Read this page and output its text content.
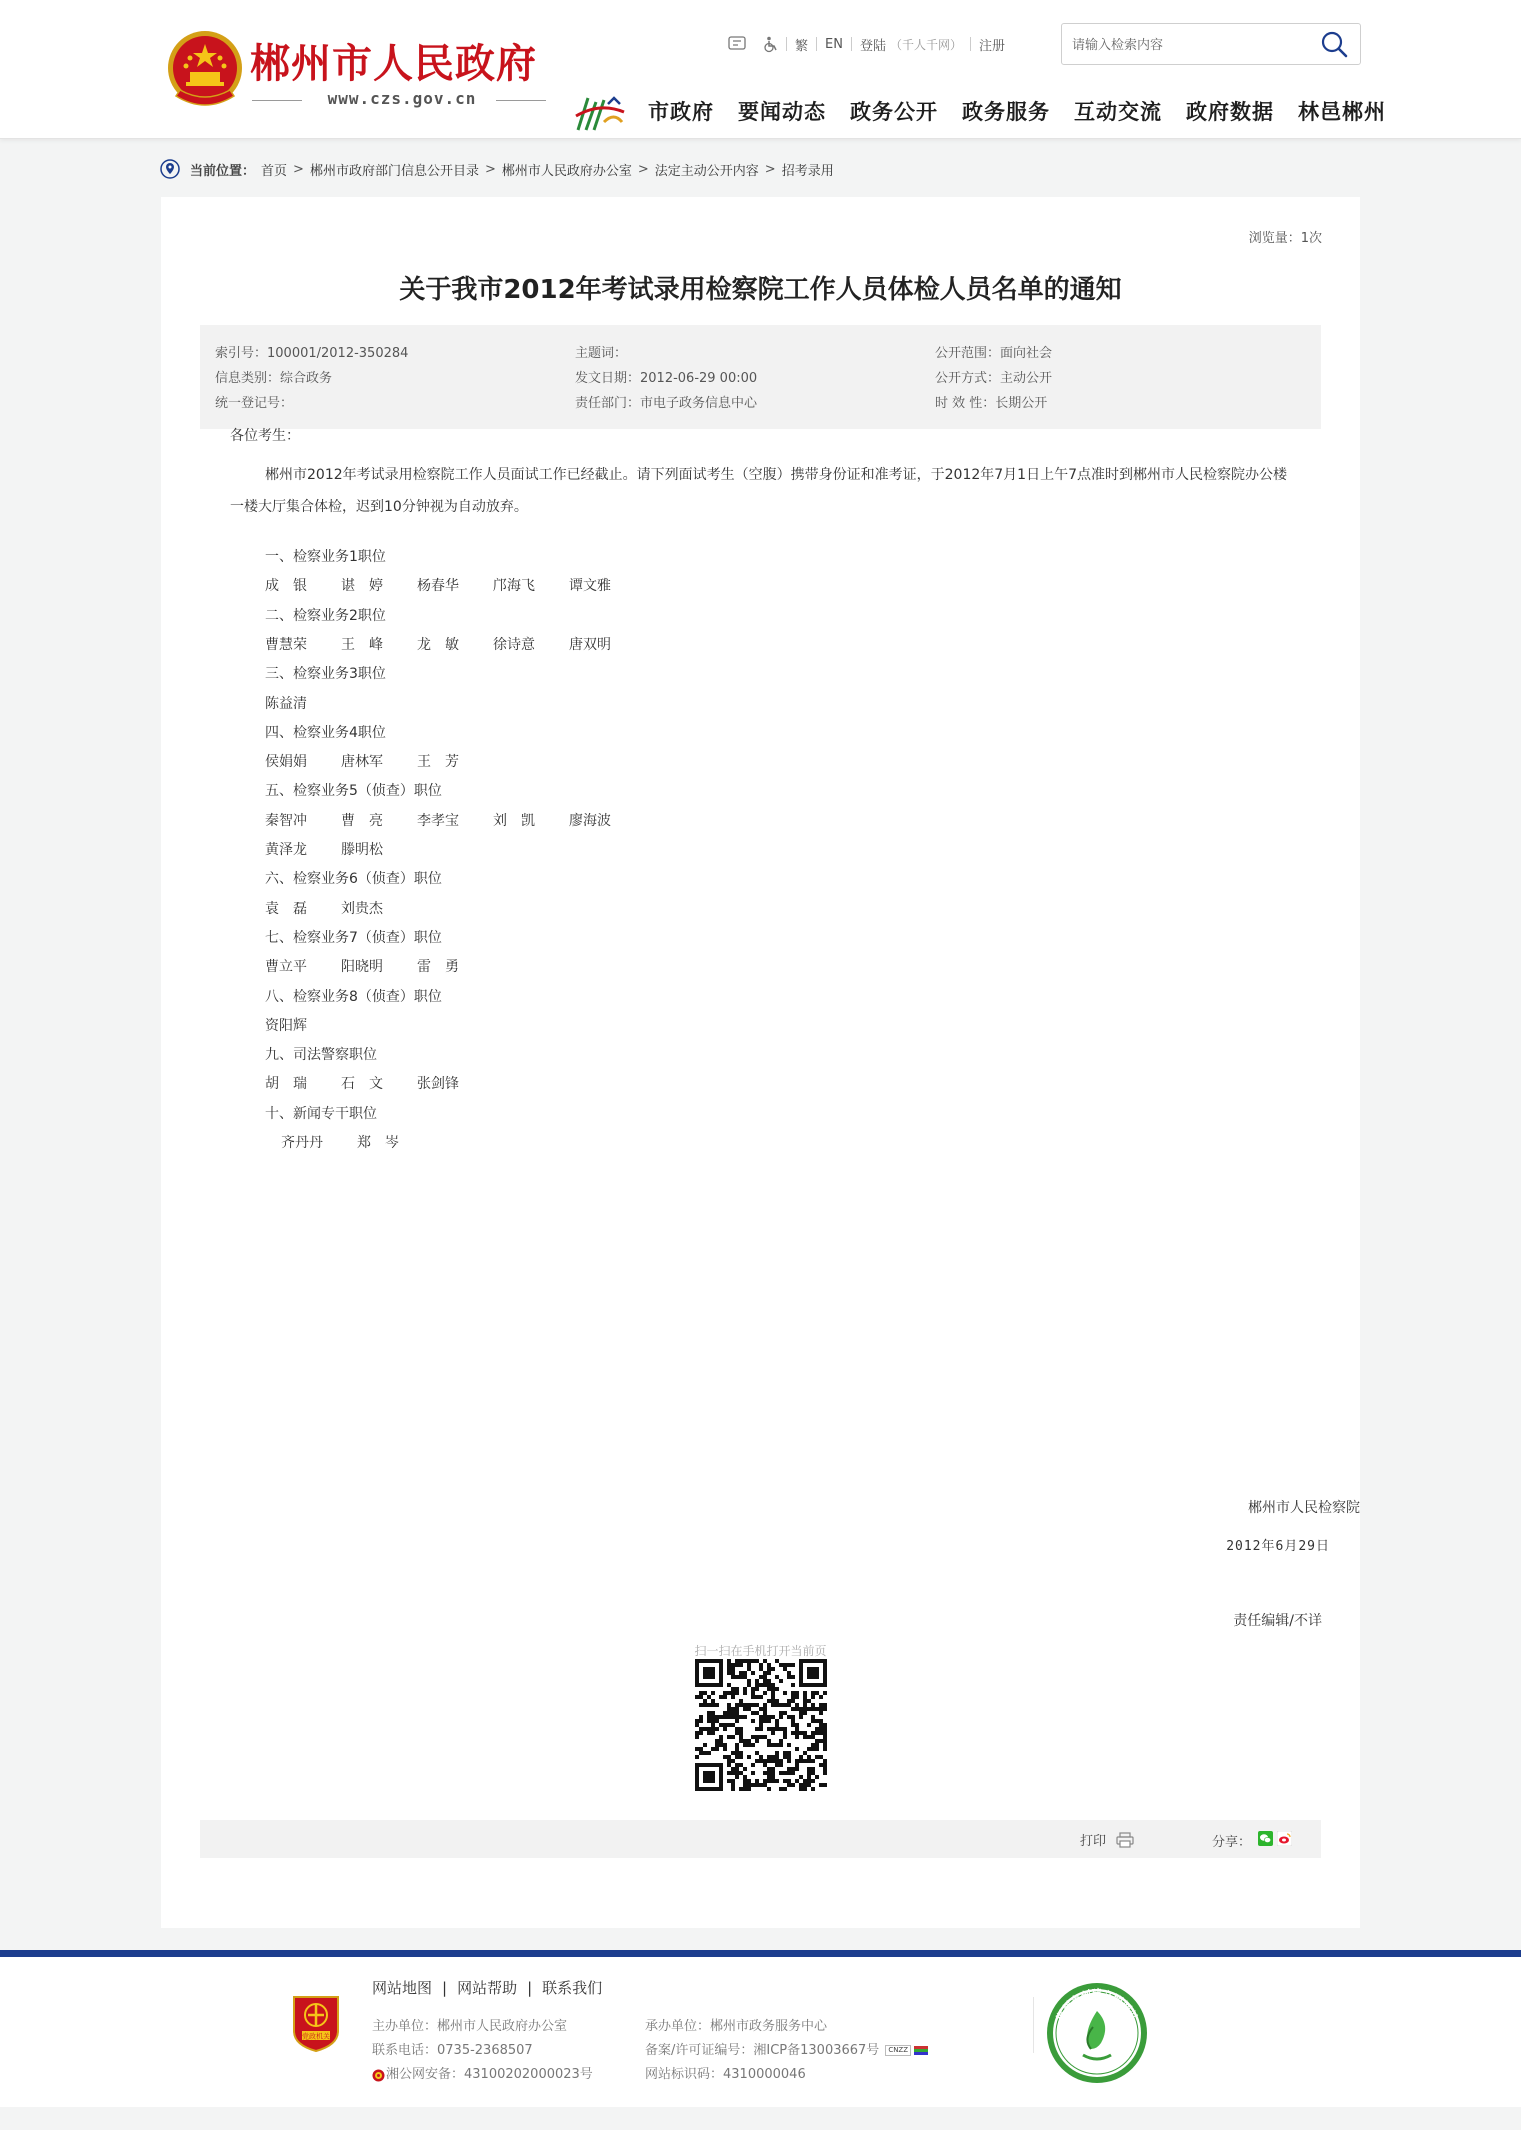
郴州市人民政府
www.czs.gov.cn
繁	EN	登陆 （千人千网）	注册
请输入检索内容
市政府 要闻动态 政务公开 政务服务 互动交流 政府数据 林邑郴州
当前位置： 首页 > 郴州市政府部门信息公开目录 > 郴州市人民政府办公室 > 法定主动公开内容 > 招考录用
浏览量：1次
关于我市2012年考试录用检察院工作人员体检人员名单的通知
索引号：100001/2012-350284	主题词：	公开范围：面向社会
信息类别：综合政务	发文日期：2012-06-29 00:00	公开方式：主动公开
统一登记号：	责任部门：市电子政务信息中心	时 效 性：长期公开
各位考生：
郴州市2012年考试录用检察院工作人员面试工作已经截止。请下列面试考生（空腹）携带身份证和准考证，于2012年7月1日上午7点准时到郴州市人民检察院办公楼一楼大厅集合体检，迟到10分钟视为自动放弃。
一、检察业务1职位
成　银 谌　婷 杨春华 邝海飞 谭文雅
二、检察业务2职位
曹慧荣 王　峰 龙　敏 徐诗意 唐双明
三、检察业务3职位
陈益清
四、检察业务4职位
侯娟娟 唐林军 王　芳
五、检察业务5（侦查）职位
秦智冲 曹　亮 李孝宝 刘　凯 廖海波
黄泽龙 滕明松
六、检察业务6（侦查）职位
袁　磊 刘贵杰
七、检察业务7（侦查）职位
曹立平 阳晓明 雷　勇
八、检察业务8（侦查）职位
资阳辉
九、司法警察职位
胡　瑞 石　文 张剑锋
十、新闻专干职位
齐丹丹 郑　岑
郴州市人民检察院
2012年6月29日
责任编辑/不详
扫一扫在手机打开当前页
打印	分享：
党政机关
网站地图 | 网站帮助 | 联系我们
主办单位：郴州市人民政府办公室
联系电话：0735-2368507
湘公网安备：43100202000023号
承办单位：郴州市政务服务中心
备案/许可证编号：湘ICP备13003667号 CNZZ
网站标识码：4310000046
郴州市创建文明网站
